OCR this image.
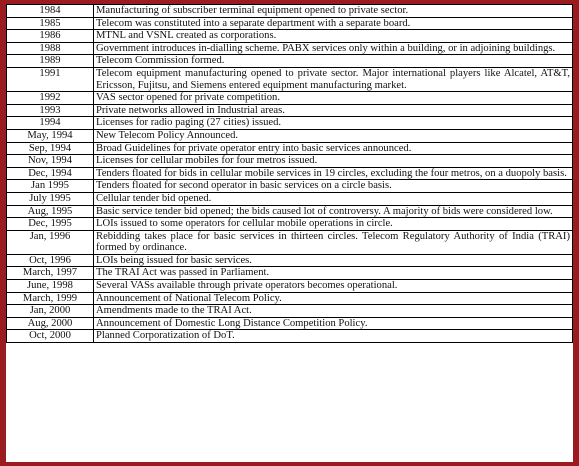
1984	Manufacturing of subscriber terminal equipment opened to private sector.
1985	Telecom was constituted into a separate department with a separate board.
1986	MTNL and VSNL created as corporations.
1988	Government introduces in-dialling scheme. PABX services only within a building, or in adjoining buildings.
1989	Telecom Commission formed.
1991	Telecom equipment manufacturing opened to private sector. Major international players like Alcatel, AT&T, Ericsson, Fujitsu, and Siemens entered equipment manufacturing market.
1992	VAS sector opened for private competition.
1993	Private networks allowed in Industrial areas.
1994	Licenses for radio paging (27 cities) issued.
May, 1994	New Telecom Policy Announced.
Sep, 1994	Broad Guidelines for private operator entry into basic services announced.
Nov, 1994	Licenses for cellular mobiles for four metros issued.
Dec, 1994	Tenders floated for bids in cellular mobile services in 19 circles, excluding the four metros, on a duopoly basis.
Jan 1995	Tenders floated for second operator in basic services on a circle basis.
July 1995	Cellular tender bid opened.
Aug, 1995	Basic service tender bid opened; the bids caused lot of controversy. A majority of bids were considered low.
Dec, 1995	LOIs issued to some operators for cellular mobile operations in circle.
Jan, 1996	Rebidding takes place for basic services in thirteen circles. Telecom Regulatory Authority of India (TRAI) formed by ordinance.
Oct, 1996	LOIs being issued for basic services.
March, 1997	The TRAI Act was passed in Parliament.
June, 1998	Several VASs available through private operators becomes operational.
March, 1999	Announcement of National Telecom Policy.
Jan, 2000	Amendments made to the TRAI Act.
Aug, 2000	Announcement of Domestic Long Distance Competition Policy.
Oct, 2000	Planned Corporatization of DoT.
